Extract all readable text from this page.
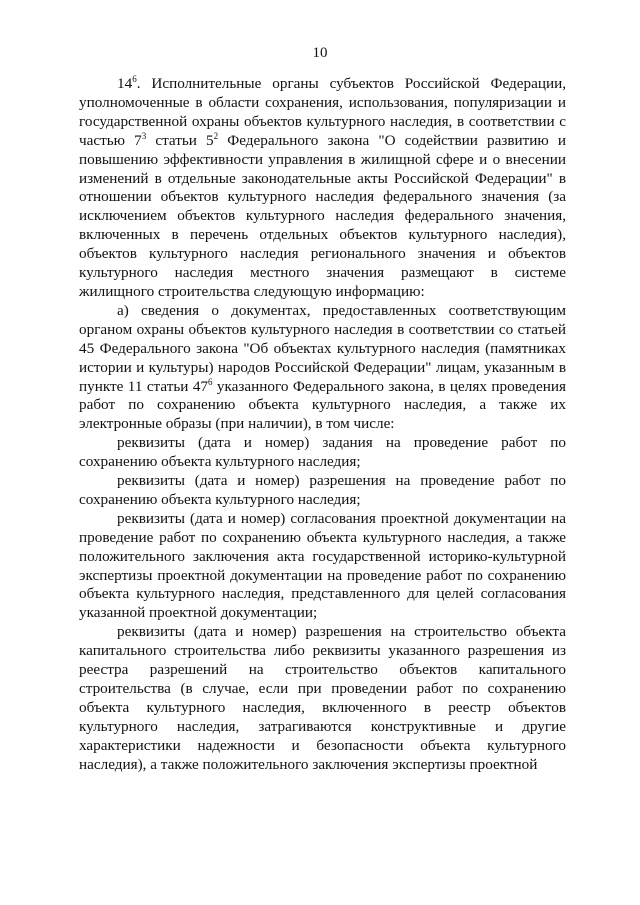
10

$14^6$. Исполнительные органы субъектов Российской Федерации, уполномоченные в области сохранения, использования, популяризации и государственной охраны объектов культурного наследия, в соответствии с частью $7^3$ статьи $5^2$ Федерального закона "О содействии развитию и повышению эффективности управления в жилищной сфере и о внесении изменений в отдельные законодательные акты Российской Федерации" в отношении объектов культурного наследия федерального значения (за исключением объектов культурного наследия федерального значения, включенных в перечень отдельных объектов культурного наследия), объектов культурного наследия регионального значения и объектов культурного наследия местного значения размещают в системе жилищного строительства следующую информацию:

а) сведения о документах, предоставленных соответствующим органом охраны объектов культурного наследия в соответствии со статьей 45 Федерального закона "Об объектах культурного наследия (памятниках истории и культуры) народов Российской Федерации" лицам, указанным в пункте 11 статьи $47^6$ указанного Федерального закона, в целях проведения работ по сохранению объекта культурного наследия, а также их электронные образы (при наличии), в том числе:

реквизиты (дата и номер) задания на проведение работ по сохранению объекта культурного наследия;

реквизиты (дата и номер) разрешения на проведение работ по сохранению объекта культурного наследия;

реквизиты (дата и номер) согласования проектной документации на проведение работ по сохранению объекта культурного наследия, а также положительного заключения акта государственной историко-культурной экспертизы проектной документации на проведение работ по сохранению объекта культурного наследия, представленного для целей согласования указанной проектной документации;

реквизиты (дата и номер) разрешения на строительство объекта капитального строительства либо реквизиты указанного разрешения из реестра разрешений на строительство объектов капитального строительства (в случае, если при проведении работ по сохранению объекта культурного наследия, включенного в реестр объектов культурного наследия, затрагиваются конструктивные и другие характеристики надежности и безопасности объекта культурного наследия), а также положительного заключения экспертизы проектной
